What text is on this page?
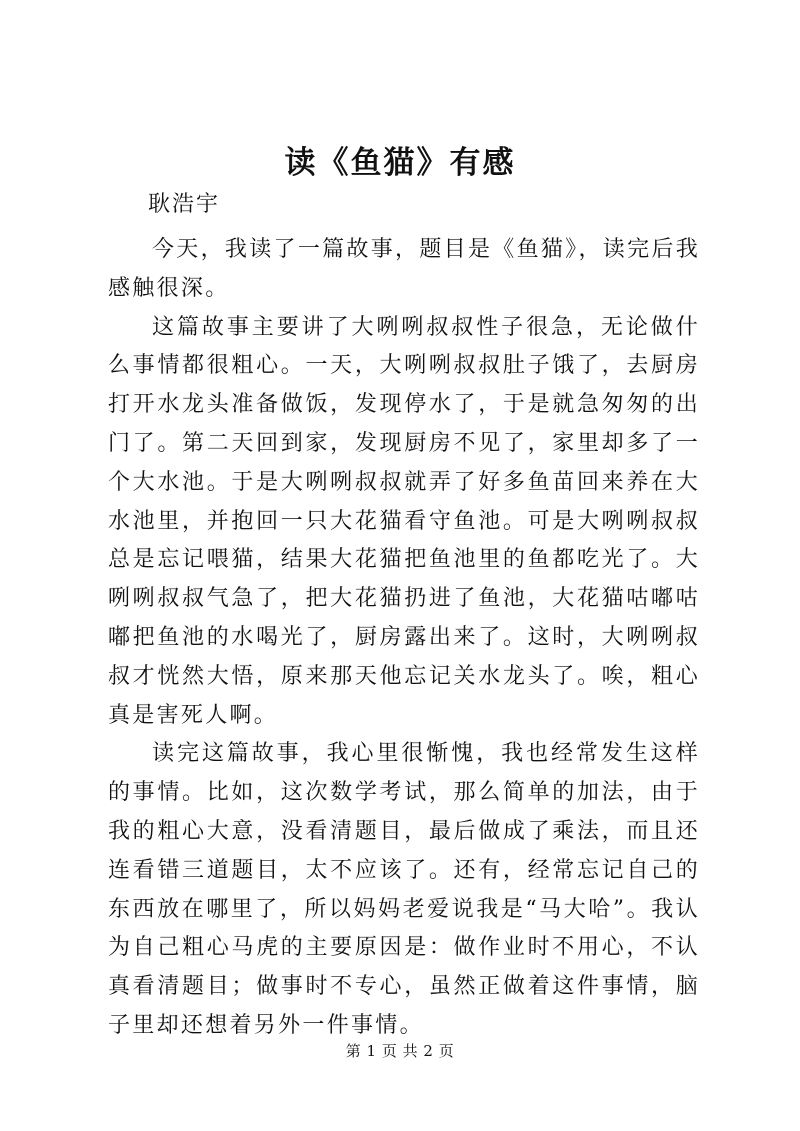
读《鱼猫》有感

耿浩宇

今天，我读了一篇故事，题目是《鱼猫》，读完后我感触很深。

这篇故事主要讲了大咧咧叔叔性子很急，无论做什么事情都很粗心。一天，大咧咧叔叔肚子饿了，去厨房打开水龙头准备做饭，发现停水了，于是就急匆匆的出门了。第二天回到家，发现厨房不见了，家里却多了一个大水池。于是大咧咧叔叔就弄了好多鱼苗回来养在大水池里，并抱回一只大花猫看守鱼池。可是大咧咧叔叔总是忘记喂猫，结果大花猫把鱼池里的鱼都吃光了。大咧咧叔叔气急了，把大花猫扔进了鱼池，大花猫咕嘟咕嘟把鱼池的水喝光了，厨房露出来了。这时，大咧咧叔叔才恍然大悟，原来那天他忘记关水龙头了。唉，粗心真是害死人啊。

读完这篇故事，我心里很惭愧，我也经常发生这样的事情。比如，这次数学考试，那么简单的加法，由于我的粗心大意，没看清题目，最后做成了乘法，而且还连看错三道题目，太不应该了。还有，经常忘记自己的东西放在哪里了，所以妈妈老爱说我是“马大哈”。我认为自己粗心马虎的主要原因是：做作业时不用心，不认真看清题目；做事时不专心，虽然正做着这件事情，脑子里却还想着另外一件事情。

第 1 页 共 2 页
